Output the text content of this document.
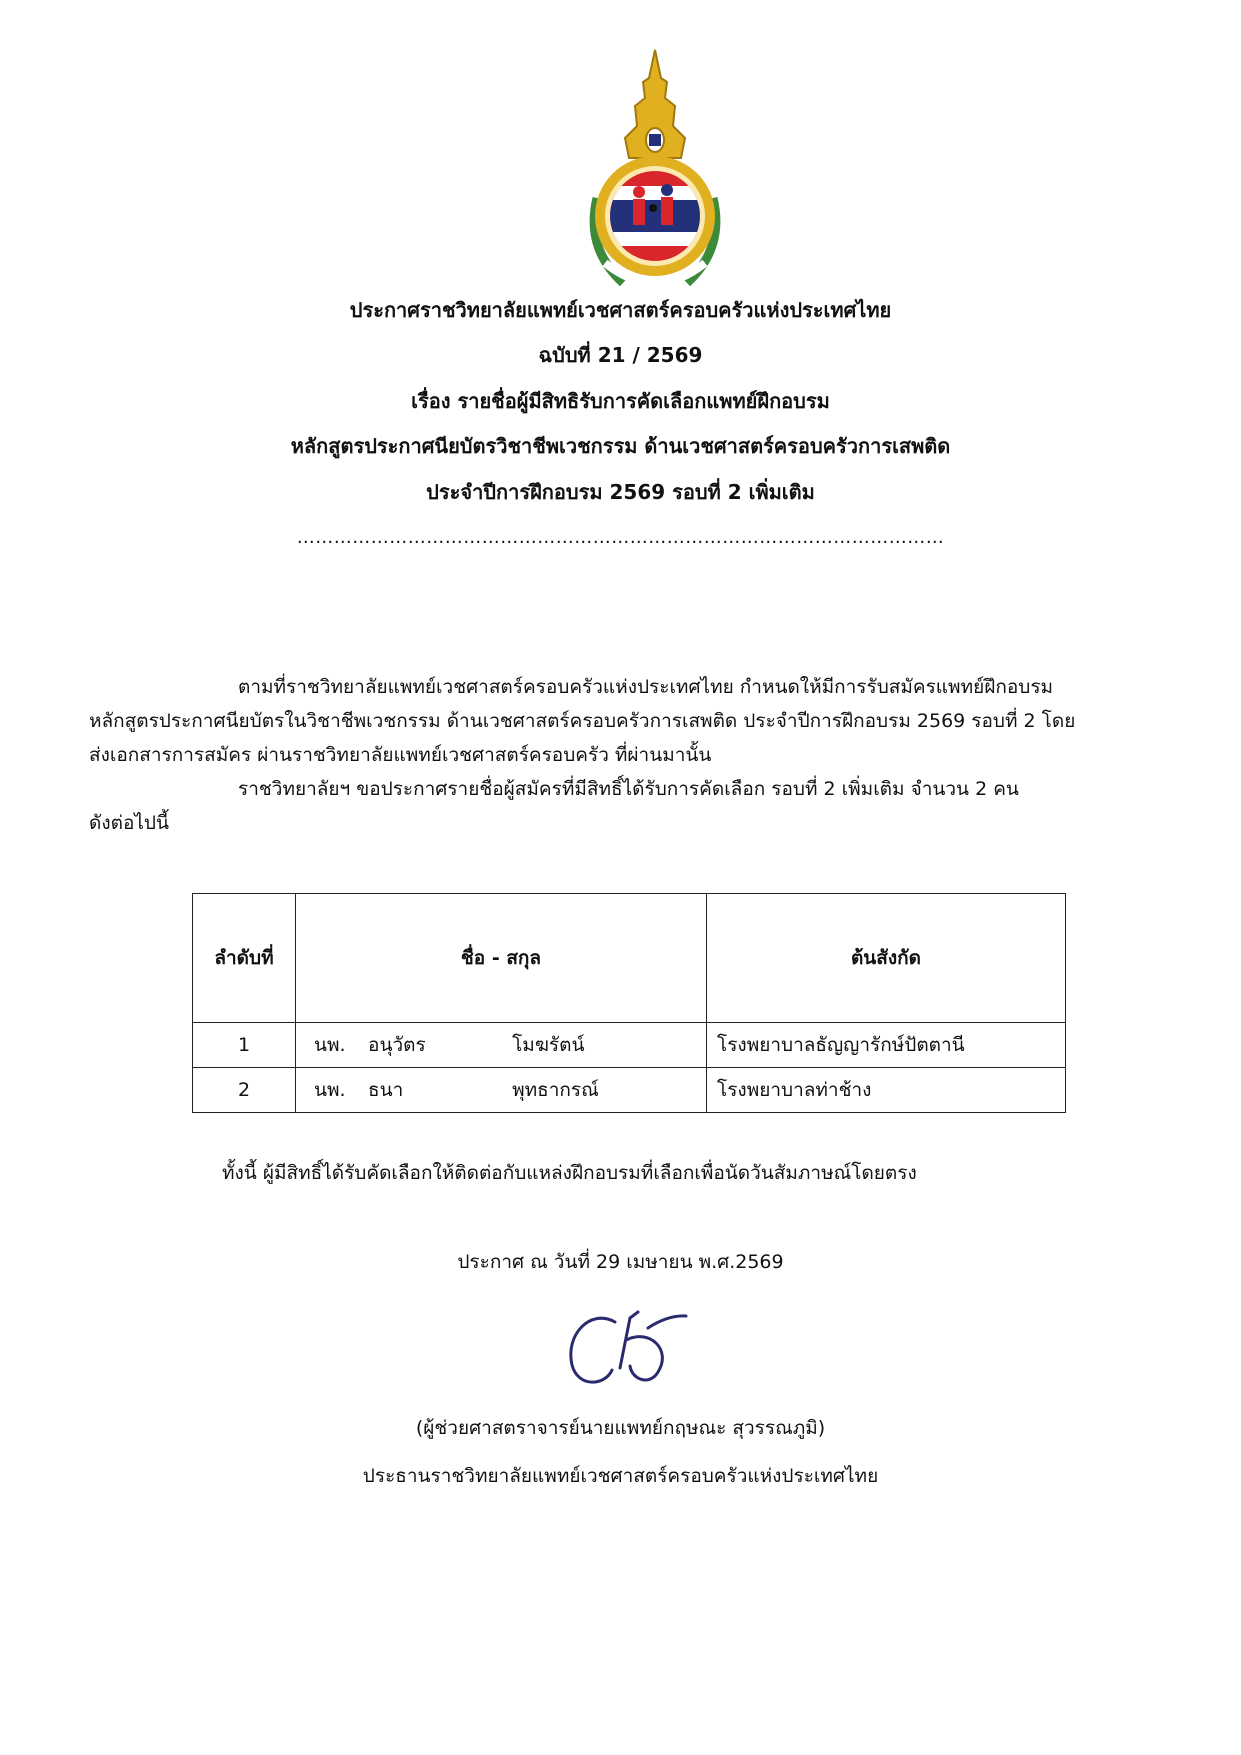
ประกาศราชวิทยาลัยแพทย์เวชศาสตร์ครอบครัวแห่งประเทศไทย
ฉบับที่ 21 / 2569
เรื่อง รายชื่อผู้มีสิทธิรับการคัดเลือกแพทย์ฝึกอบรม
หลักสูตรประกาศนียบัตรวิชาชีพเวชกรรม ด้านเวชศาสตร์ครอบครัวการเสพติด
ประจำปีการฝึกอบรม 2569 รอบที่ 2 เพิ่มเติม
……………………………………………………………………………………………
ตามที่ราชวิทยาลัยแพทย์เวชศาสตร์ครอบครัวแห่งประเทศไทย กำหนดให้มีการรับสมัครแพทย์ฝึกอบรม
หลักสูตรประกาศนียบัตรในวิชาชีพเวชกรรม ด้านเวชศาสตร์ครอบครัวการเสพติด ประจำปีการฝึกอบรม 2569 รอบที่ 2 โดย
ส่งเอกสารการสมัคร ผ่านราชวิทยาลัยแพทย์เวชศาสตร์ครอบครัว ที่ผ่านมานั้น
ราชวิทยาลัยฯ ขอประกาศรายชื่อผู้สมัครที่มีสิทธิ์ได้รับการคัดเลือก รอบที่ 2 เพิ่มเติม จำนวน 2 คน
ดังต่อไปนี้
ลำดับที่	ชื่อ - สกุล	ต้นสังกัด
1	นพ. อนุวัตร โมฆรัตน์	โรงพยาบาลธัญญารักษ์ปัตตานี
2	นพ. ธนา พุทธากรณ์	โรงพยาบาลท่าช้าง
ทั้งนี้ ผู้มีสิทธิ์ได้รับคัดเลือกให้ติดต่อกับแหล่งฝึกอบรมที่เลือกเพื่อนัดวันสัมภาษณ์โดยตรง
ประกาศ ณ วันที่ 29 เมษายน พ.ศ.2569
(ผู้ช่วยศาสตราจารย์นายแพทย์กฤษณะ สุวรรณภูมิ)
ประธานราชวิทยาลัยแพทย์เวชศาสตร์ครอบครัวแห่งประเทศไทย
